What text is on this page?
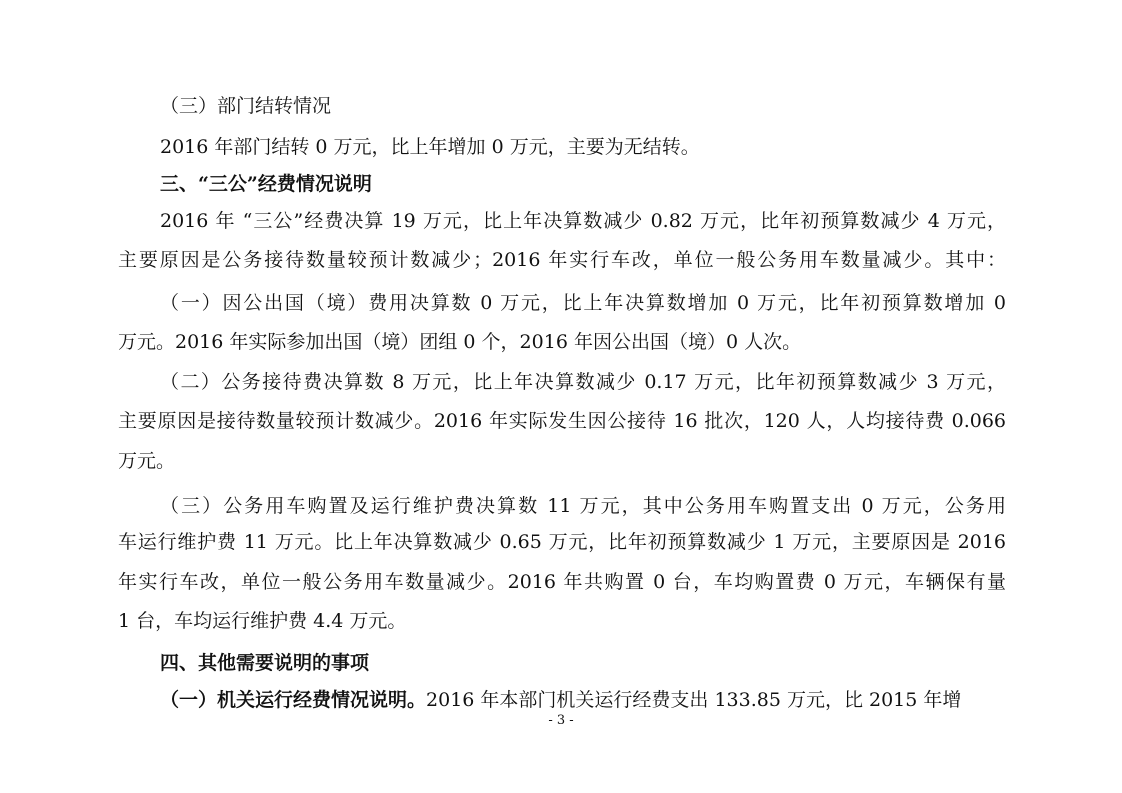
（三）部门结转情况
2016 年部门结转 0 万元，比上年增加 0 万元，主要为无结转。
三、“三公”经费情况说明
2016 年 “三公”经费决算 19 万元，比上年决算数减少 0.82 万元，比年初预算数减少 4 万元，
主要原因是公务接待数量较预计数减少；2016 年实行车改，单位一般公务用车数量减少。其中：
（一）因公出国（境）费用决算数 0 万元，比上年决算数增加 0 万元，比年初预算数增加 0
万元。2016 年实际参加出国（境）团组 0 个，2016 年因公出国（境）0 人次。
（二）公务接待费决算数 8 万元，比上年决算数减少 0.17 万元，比年初预算数减少 3 万元，
主要原因是接待数量较预计数减少。2016 年实际发生因公接待 16 批次，120 人，人均接待费 0.066
万元。
（三）公务用车购置及运行维护费决算数 11 万元，其中公务用车购置支出 0 万元，公务用
车运行维护费 11 万元。比上年决算数减少 0.65 万元，比年初预算数减少 1 万元，主要原因是 2016
年实行车改，单位一般公务用车数量减少。2016 年共购置 0 台，车均购置费 0 万元，车辆保有量
1 台，车均运行维护费 4.4 万元。
四、其他需要说明的事项
（一）机关运行经费情况说明。2016 年本部门机关运行经费支出 133.85 万元，比 2015 年增
- 3 -
